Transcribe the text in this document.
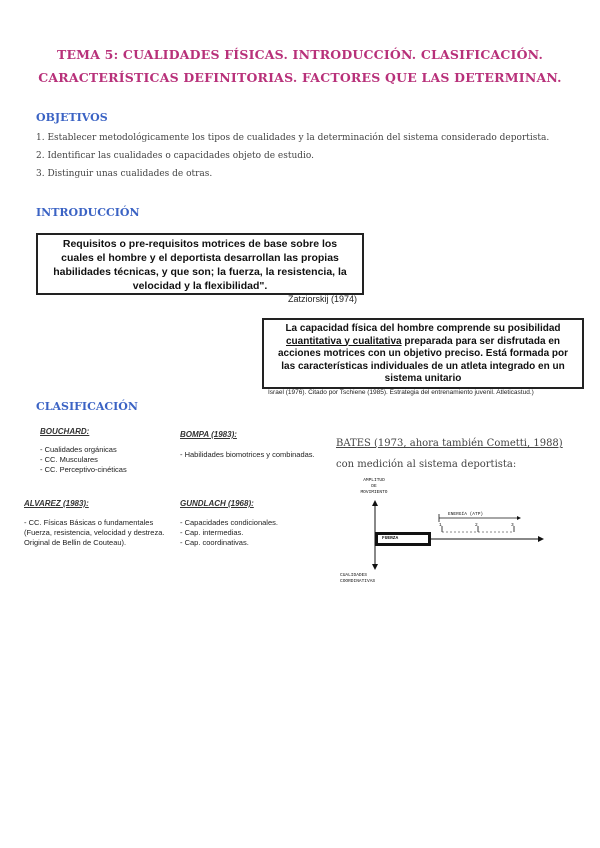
TEMA 5: CUALIDADES FÍSICAS. INTRODUCCIÓN. CLASIFICACIÓN.
CARACTERÍSTICAS DEFINITORIAS. FACTORES QUE LAS DETERMINAN.
OBJETIVOS
1. Establecer metodológicamente los tipos de cualidades y la determinación del sistema considerado deportista.
2. Identificar las cualidades o capacidades objeto de estudio.
3. Distinguir unas cualidades de otras.
INTRODUCCIÓN
Requisitos o pre-requisitos motrices de base sobre los
cuales el hombre y el deportista desarrollan las propias
habilidades técnicas, y que son; la fuerza, la resistencia, la
velocidad y la flexibilidad".
Zatziorskij (1974)
La capacidad física del hombre comprende su posibilidad
cuantitativa y cualitativa preparada para ser disfrutada en
acciones motrices con un objetivo preciso. Está formada por
las características individuales de un atleta integrado en un
sistema unitario
Israel (1976). Citado por Tschiene (1985). Estrategia del entrenamiento juvenil. Atleticastud.)
CLASIFICACIÓN
BOUCHARD:
- Cualidades orgánicas
- CC. Musculares
- CC. Perceptivo-cinéticas
BOMPA (1983):
- Habilidades biomotrices y combinadas.
ALVAREZ (1983):
- CC. Físicas Básicas o fundamentales
(Fuerza, resistencia, velocidad y destreza.
Original de Bellin de Couteau).
GUNDLACH (1968):
- Capacidades condicionales.
- Cap. intermedias.
- Cap. coordinativas.
BATES (1973, ahora también Cometti, 1988)
con medición al sistema deportista:
AMPLITUD
DE
MOVIMIENTO
FUERZA
ENERGÍA (ATP)
1	2	3
CUALIDADES
COORDINATIVAS
